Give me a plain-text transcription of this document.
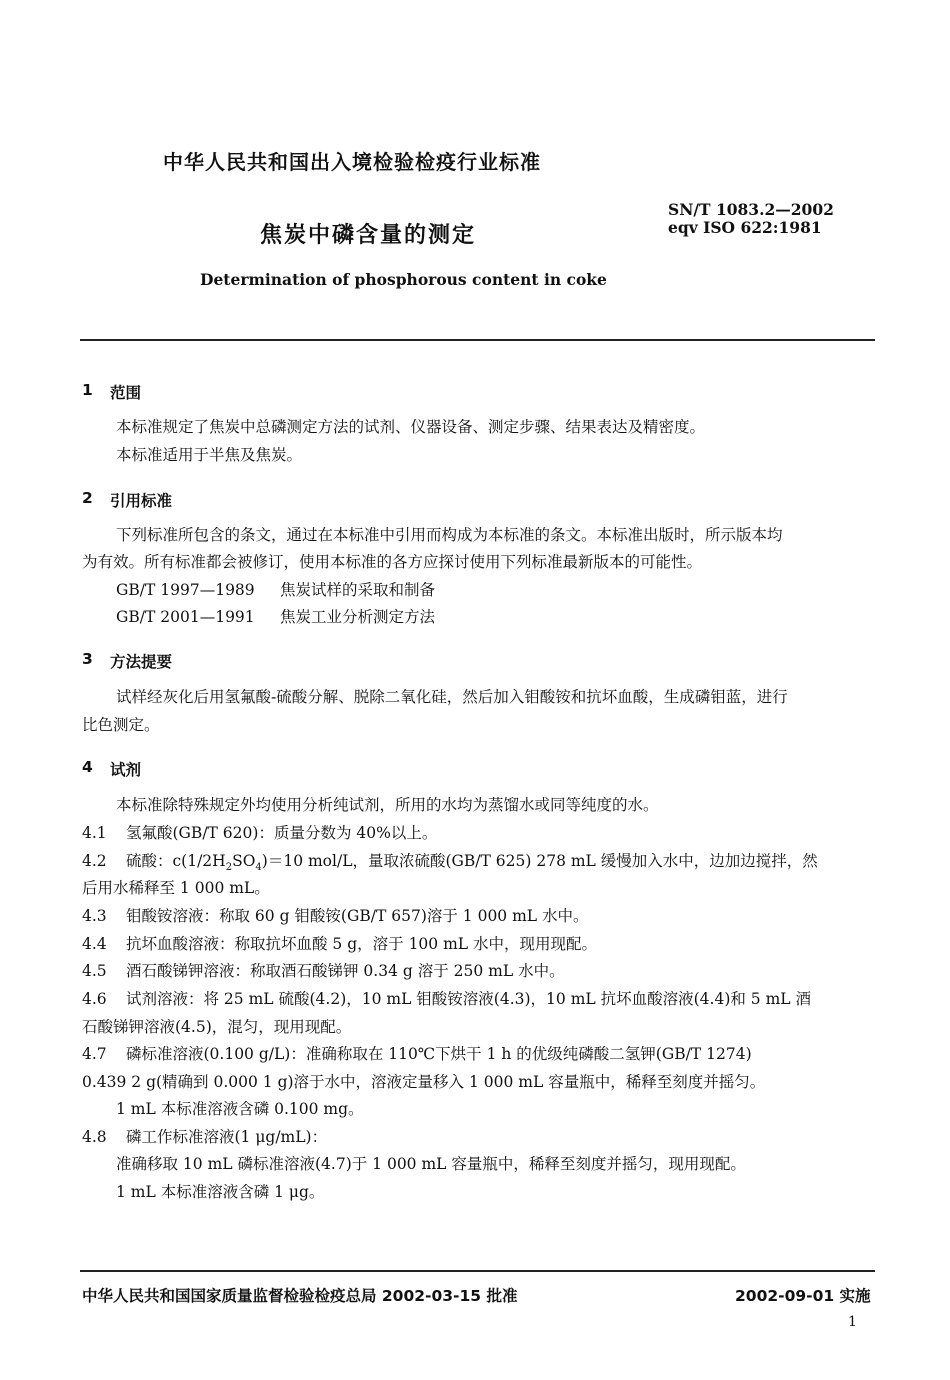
中华人民共和国出入境检验检疫行业标准
SN/T 1083.2—2002
eqv ISO 622:1981
焦炭中磷含量的测定
Determination of phosphorous content in coke
1 范围
本标准规定了焦炭中总磷测定方法的试剂、仪器设备、测定步骤、结果表达及精密度。
本标准适用于半焦及焦炭。
2 引用标准
下列标准所包含的条文，通过在本标准中引用而构成为本标准的条文。本标准出版时，所示版本均
为有效。所有标准都会被修订，使用本标准的各方应探讨使用下列标准最新版本的可能性。
GB/T 1997—1989 焦炭试样的采取和制备
GB/T 2001—1991 焦炭工业分析测定方法
3 方法提要
试样经灰化后用氢氟酸-硫酸分解、脱除二氧化硅，然后加入钼酸铵和抗坏血酸，生成磷钼蓝，进行
比色测定。
4 试剂
本标准除特殊规定外均使用分析纯试剂，所用的水均为蒸馏水或同等纯度的水。
4.1 氢氟酸(GB/T 620)：质量分数为 40%以上。
4.2 硫酸：$c(1/2H_2SO_4)=10$ mol/L，量取浓硫酸(GB/T 625) 278 mL 缓慢加入水中，边加边搅拌，然
后用水稀释至 1 000 mL。
4.3 钼酸铵溶液：称取 60 g 钼酸铵(GB/T 657)溶于 1 000 mL 水中。
4.4 抗坏血酸溶液：称取抗坏血酸 5 g，溶于 100 mL 水中，现用现配。
4.5 酒石酸锑钾溶液：称取酒石酸锑钾 0.34 g 溶于 250 mL 水中。
4.6 试剂溶液：将 25 mL 硫酸(4.2)，10 mL 钼酸铵溶液(4.3)，10 mL 抗坏血酸溶液(4.4)和 5 mL 酒
石酸锑钾溶液(4.5)，混匀，现用现配。
4.7 磷标准溶液(0.100 g/L)：准确称取在 110℃下烘干 1 h 的优级纯磷酸二氢钾(GB/T 1274)
0.439 2 g(精确到 0.000 1 g)溶于水中，溶液定量移入 1 000 mL 容量瓶中，稀释至刻度并摇匀。
1 mL 本标准溶液含磷 0.100 mg。
4.8 磷工作标准溶液(1 μg/mL)：
准确移取 10 mL 磷标准溶液(4.7)于 1 000 mL 容量瓶中，稀释至刻度并摇匀，现用现配。
1 mL 本标准溶液含磷 1 μg。
中华人民共和国国家质量监督检验检疫总局 2002-03-15 批准	2002-09-01 实施
1
